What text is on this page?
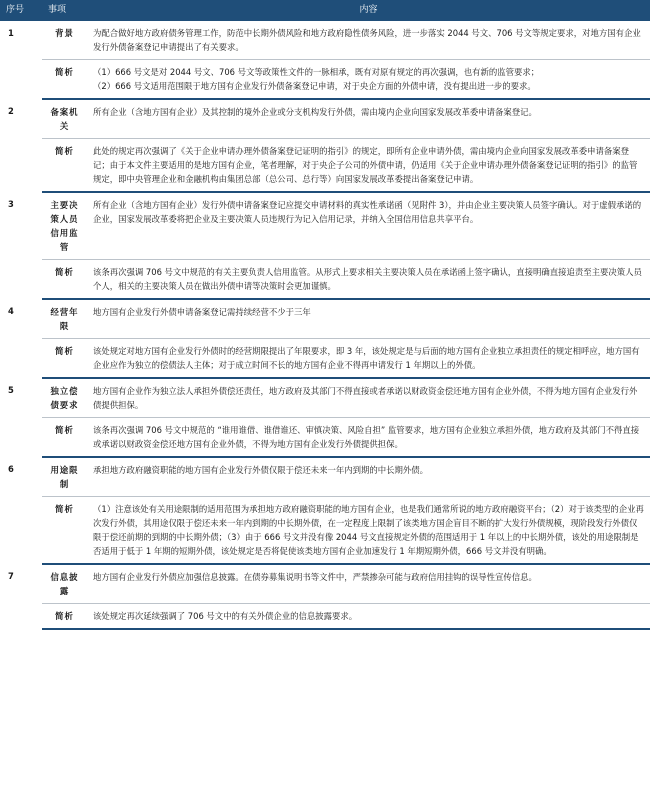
序号	事项	内容
1	背景	为配合做好地方政府债务管理工作，防范中长期外债风险和地方政府隐性债务风险，进一步落实 2044 号文、706 号文等规定要求，对地方国有企业发行外债备案登记申请提出了有关要求。
	简析	（1）666 号文是对 2044 号文、706 号文等政策性文件的一脉相承，既有对原有规定的再次强调，也有新的监管要求；
（2）666 号文适用范围限于地方国有企业发行外债备案登记申请，对于央企方面的外债申请，没有提出进一步的要求。

2	备案机关	所有企业（含地方国有企业）及其控制的境外企业或分支机构发行外债，需由境内企业向国家发展改革委申请备案登记。
	简析	此处的规定再次强调了《关于企业申请办理外债备案登记证明的指引》的规定，即所有企业申请外债，需由境内企业向国家发展改革委申请备案登记；由于本文件主要适用的是地方国有企业，笔者理解，对于央企子公司的外债申请，仍适用《关于企业申请办理外债备案登记证明的指引》的监管规定，即中央管理企业和金融机构由集团总部（总公司、总行等）向国家发展改革委提出备案登记申请。

3	主要决策人员信用监管	所有企业（含地方国有企业）发行外债申请备案登记应提交申请材料的真实性承诺函（见附件 3），并由企业主要决策人员签字确认。对于虚假承诺的企业，国家发展改革委将把企业及主要决策人员违规行为记入信用记录，并纳入全国信用信息共享平台。
	简析	该条再次强调 706 号文中规范的有关主要负责人信用监管。从形式上要求相关主要决策人员在承诺函上签字确认，直接明确直接追责至主要决策人员个人，相关的主要决策人员在做出外债申请等决策时会更加谨慎。

4	经营年限	地方国有企业发行外债申请备案登记需持续经营不少于三年
	简析	该处规定对地方国有企业发行外债时的经营期限提出了年限要求，即 3 年，该处规定是与后面的地方国有企业独立承担责任的规定相呼应，地方国有企业应作为独立的偿债法人主体；对于成立时间不长的地方国有企业不得再申请发行 1 年期以上的外债。

5	独立偿债要求	地方国有企业作为独立法人承担外债偿还责任，地方政府及其部门不得直接或者承诺以财政资金偿还地方国有企业外债，不得为地方国有企业发行外债提供担保。
	简析	该条再次强调 706 号文中规范的 “谁用谁借、谁借谁还、审慎决策、风险自担” 监管要求，地方国有企业独立承担外债，地方政府及其部门不得直接或承诺以财政资金偿还地方国有企业外债，不得为地方国有企业发行外债提供担保。

6	用途限制	承担地方政府融资职能的地方国有企业发行外债仅限于偿还未来一年内到期的中长期外债。
	简析	（1）注意该处有关用途限制的适用范围为承担地方政府融资职能的地方国有企业，也是我们通常所说的地方政府融资平台；（2）对于该类型的企业再次发行外债，其用途仅限于偿还未来一年内到期的中长期外债，在一定程度上限制了该类地方国企盲目不断的扩大发行外债规模，现阶段发行外债仅限于偿还前期的到期的中长期外债；（3）由于 666 号文并没有像 2044 号文直接规定外债的范围适用于 1 年以上的中长期外债，该处的用途限制是否适用于低于 1 年期的短期外债，该处规定是否将促使该类地方国有企业加速发行 1 年期短期外债，666 号文并没有明确。

7	信息披露	地方国有企业发行外债应加强信息披露。在债券募集说明书等文件中，严禁掺杂可能与政府信用挂钩的误导性宣传信息。
	简析	该处规定再次延续强调了 706 号文中的有关外债企业的信息披露要求。
